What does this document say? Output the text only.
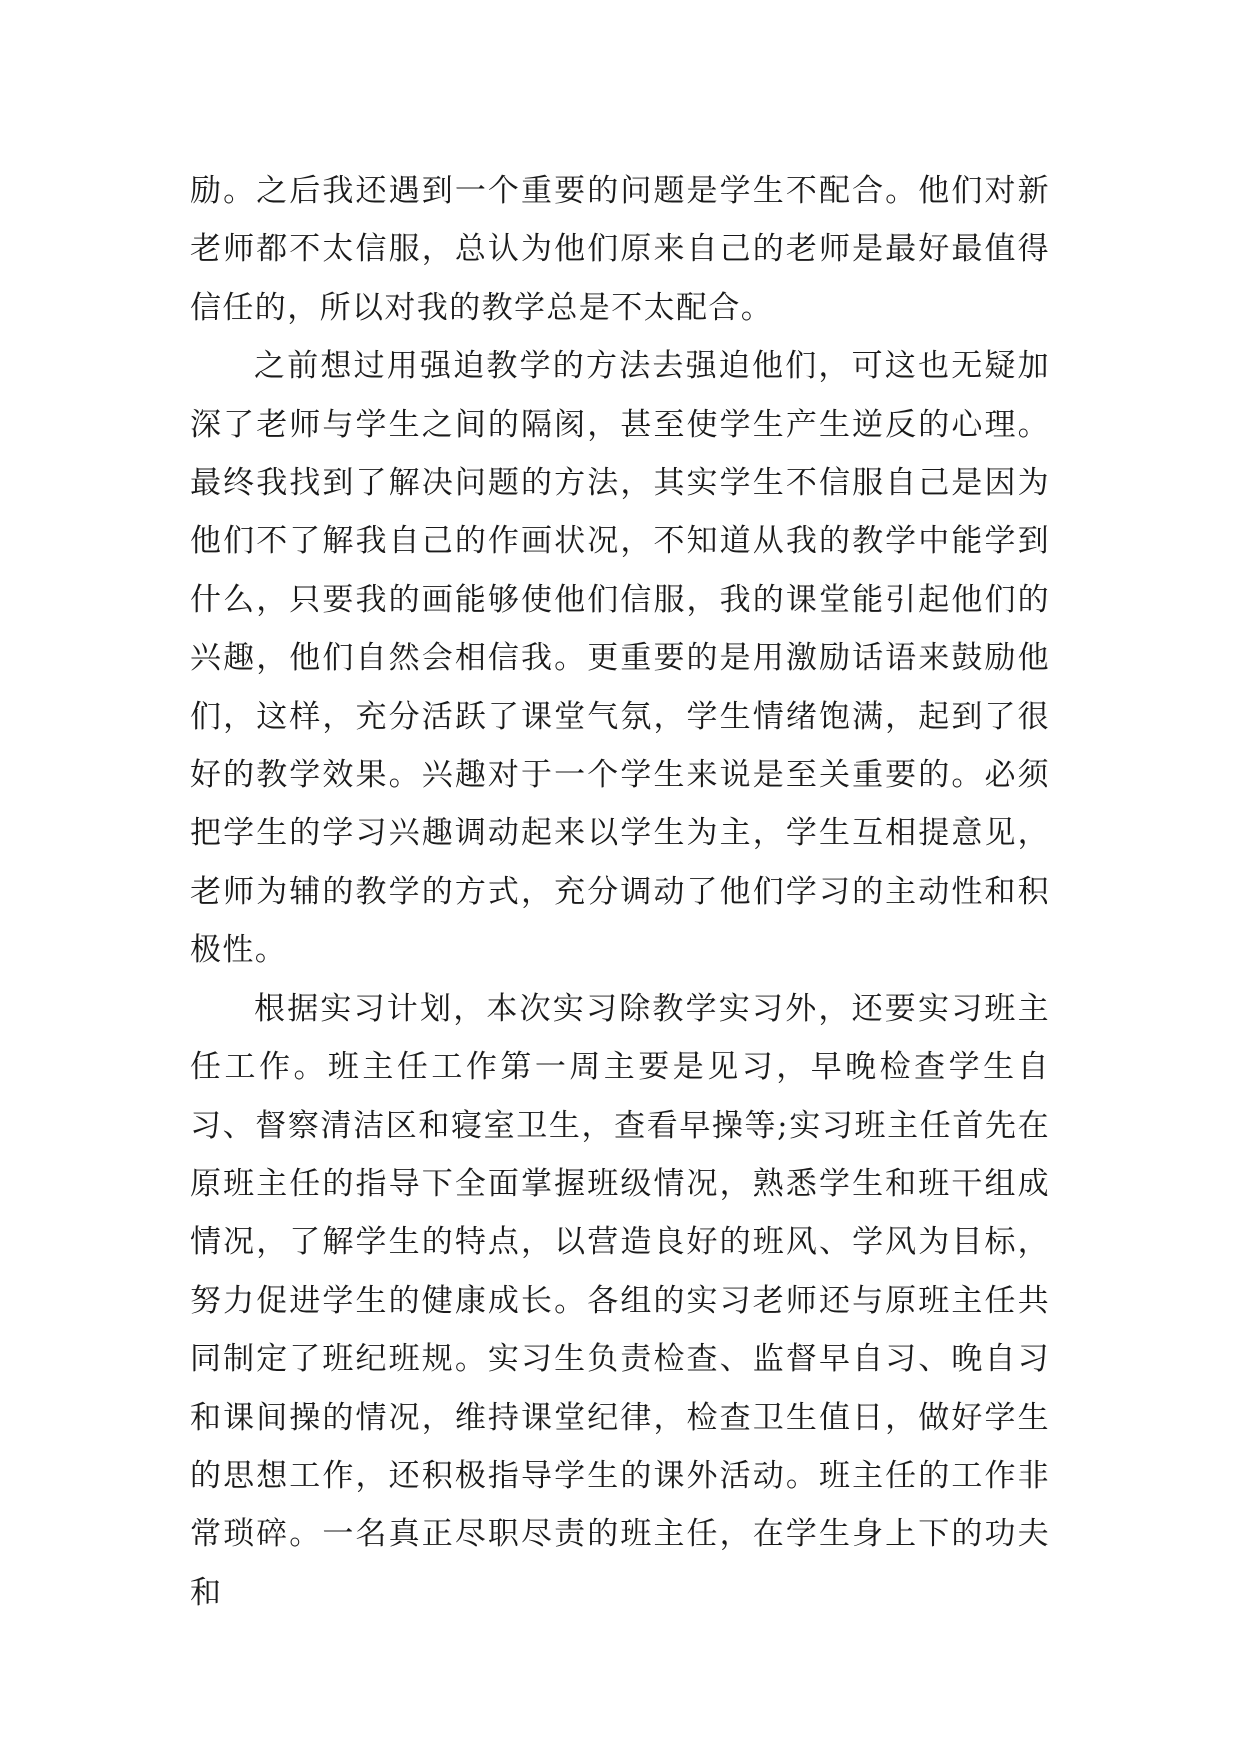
励。之后我还遇到一个重要的问题是学生不配合。他们对新老师都不太信服，总认为他们原来自己的老师是最好最值得信任的，所以对我的教学总是不太配合。

之前想过用强迫教学的方法去强迫他们，可这也无疑加深了老师与学生之间的隔阂，甚至使学生产生逆反的心理。最终我找到了解决问题的方法，其实学生不信服自己是因为他们不了解我自己的作画状况，不知道从我的教学中能学到什么，只要我的画能够使他们信服，我的课堂能引起他们的兴趣，他们自然会相信我。更重要的是用激励话语来鼓励他们，这样，充分活跃了课堂气氛，学生情绪饱满，起到了很好的教学效果。兴趣对于一个学生来说是至关重要的。必须把学生的学习兴趣调动起来以学生为主，学生互相提意见，老师为辅的教学的方式，充分调动了他们学习的主动性和积极性。

根据实习计划，本次实习除教学实习外，还要实习班主任工作。班主任工作第一周主要是见习，早晚检查学生自习、督察清洁区和寝室卫生，查看早操等;实习班主任首先在原班主任的指导下全面掌握班级情况，熟悉学生和班干组成情况，了解学生的特点，以营造良好的班风、学风为目标，努力促进学生的健康成长。各组的实习老师还与原班主任共同制定了班纪班规。实习生负责检查、监督早自习、晚自习和课间操的情况，维持课堂纪律，检查卫生值日，做好学生的思想工作，还积极指导学生的课外活动。班主任的工作非常琐碎。一名真正尽职尽责的班主任，在学生身上下的功夫和
